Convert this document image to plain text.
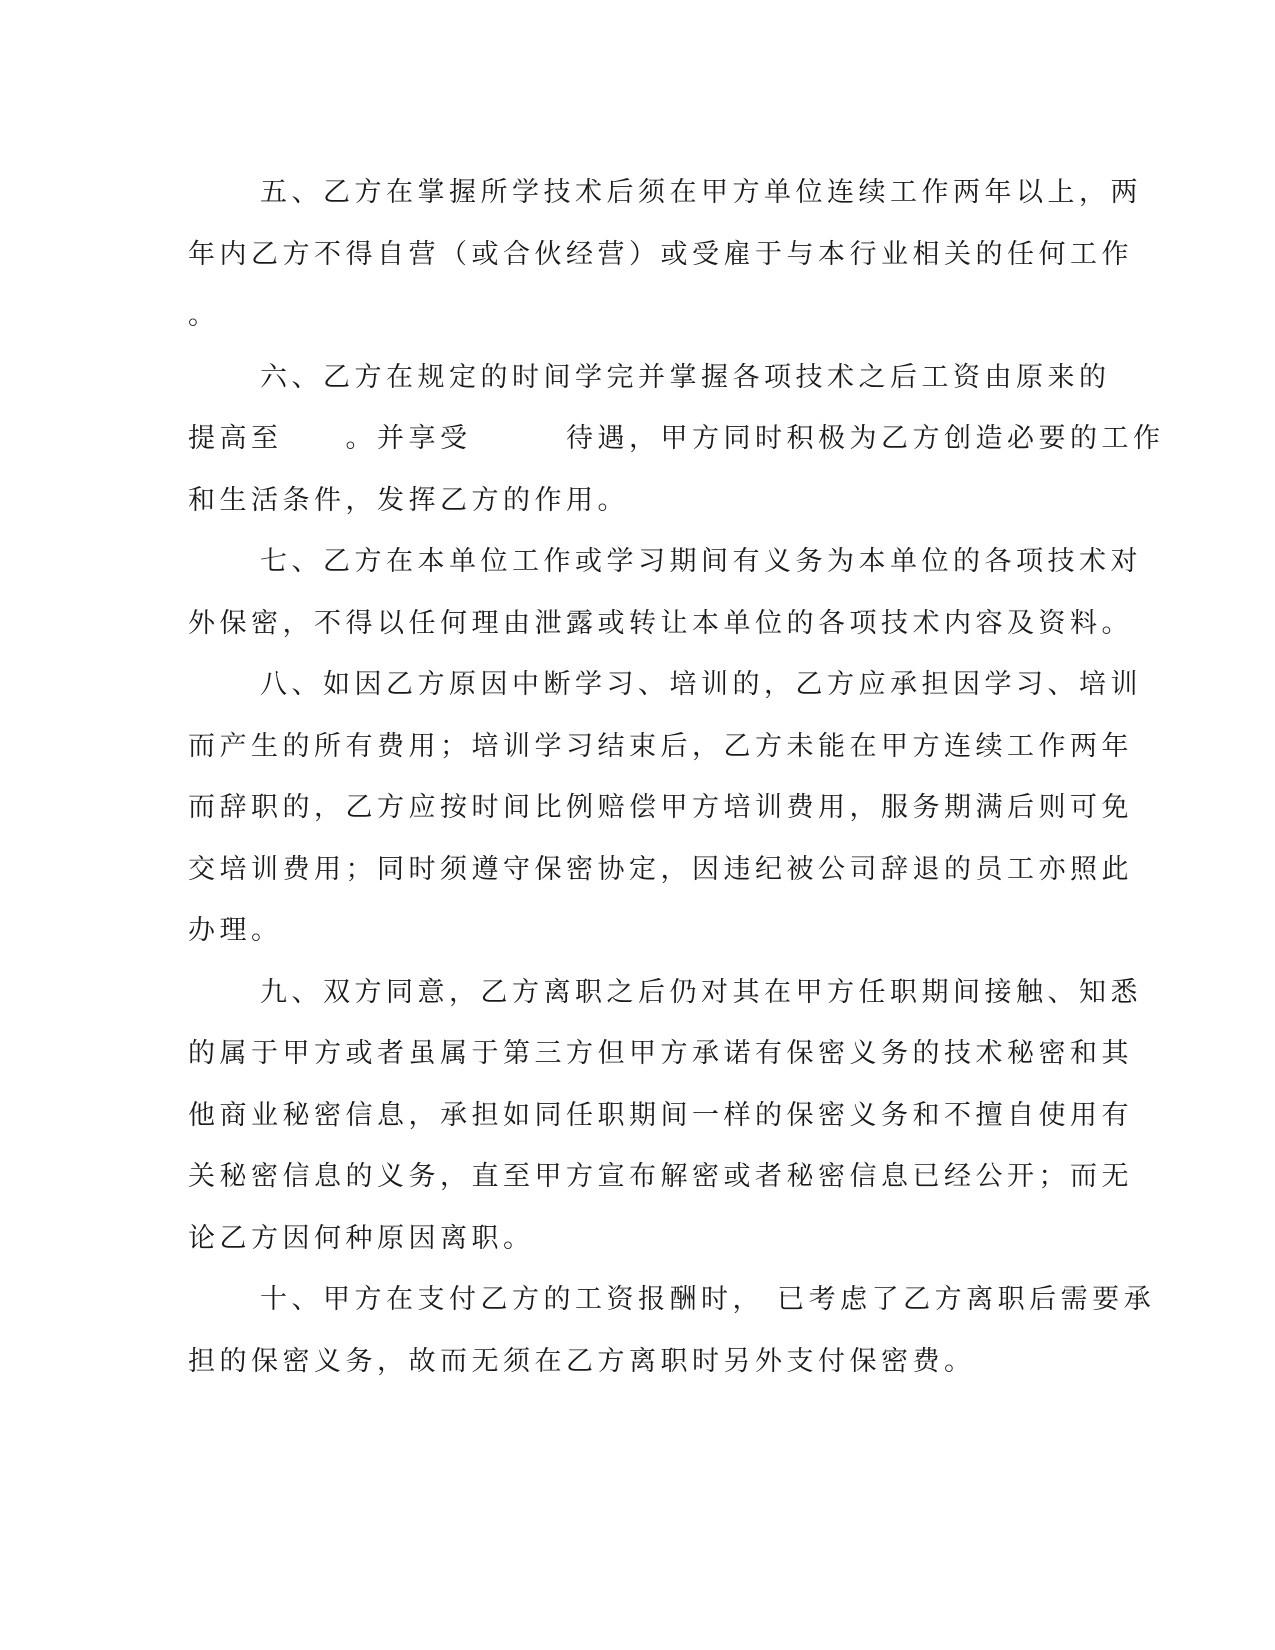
五、乙方在掌握所学技术后须在甲方单位连续工作两年以上，两
年内乙方不得自营（或合伙经营）或受雇于与本行业相关的任何工作
。
六、乙方在规定的时间学完并掌握各项技术之后工资由原来的
提高至　　。并享受　　　待遇，甲方同时积极为乙方创造必要的工作
和生活条件，发挥乙方的作用。
七、乙方在本单位工作或学习期间有义务为本单位的各项技术对
外保密，不得以任何理由泄露或转让本单位的各项技术内容及资料。
八、如因乙方原因中断学习、培训的，乙方应承担因学习、培训
而产生的所有费用；培训学习结束后，乙方未能在甲方连续工作两年
而辞职的，乙方应按时间比例赔偿甲方培训费用，服务期满后则可免
交培训费用；同时须遵守保密协定，因违纪被公司辞退的员工亦照此
办理。
九、双方同意，乙方离职之后仍对其在甲方任职期间接触、知悉
的属于甲方或者虽属于第三方但甲方承诺有保密义务的技术秘密和其
他商业秘密信息，承担如同任职期间一样的保密义务和不擅自使用有
关秘密信息的义务，直至甲方宣布解密或者秘密信息已经公开；而无
论乙方因何种原因离职。
十、甲方在支付乙方的工资报酬时， 已考虑了乙方离职后需要承
担的保密义务，故而无须在乙方离职时另外支付保密费。
